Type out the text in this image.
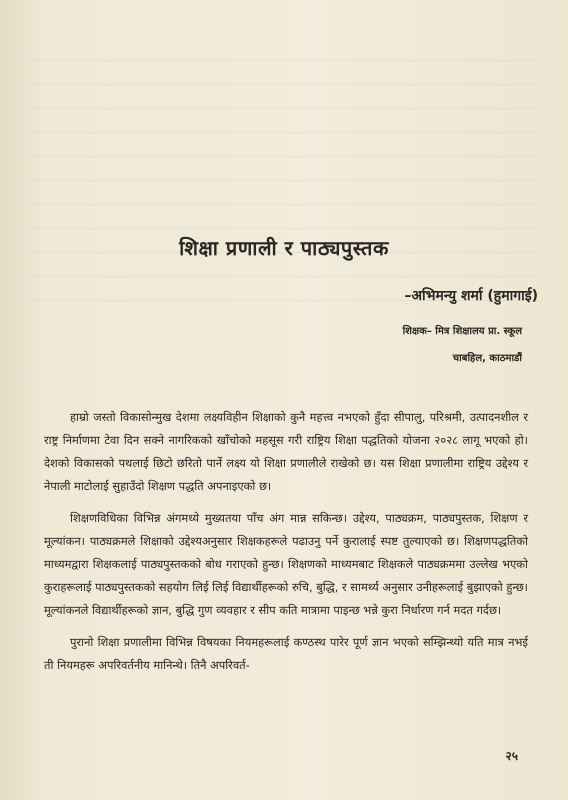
शिक्षा प्रणाली र पाठ्यपुस्तक
–अभिमन्यु शर्मा (हुमागाई)
शिक्षक– मित्र शिक्षालय प्रा. स्कूल
चाबहिल, काठमाडौं

हाम्रो जस्तो विकासोन्मुख देशमा लक्ष्यविहीन शिक्षाको कुनै महत्त्व नभएको हुँदा सीपालु, परिश्रमी, उत्पादनशील र राष्ट्र निर्माणमा टेवा दिन सक्ने नागरिकको खाँचोको महसूस गरी राष्ट्रिय शिक्षा पद्धतिको योजना २०२८ लागू भएको हो। देशको विकासको पथलाई छिटो छरितो पार्ने लक्ष्य यो शिक्षा प्रणालीले राखेको छ। यस शिक्षा प्रणालीमा राष्ट्रिय उद्देश्य र नेपाली माटोलाई सुहाउँदो शिक्षण पद्धति अपनाइएको छ।

शिक्षणविधिका विभिन्न अंगमध्ये मुख्यतया पाँच अंग मान्न सकिन्छ। उद्देश्य, पाठ्यक्रम, पाठ्यपुस्तक, शिक्षण र मूल्यांकन। पाठ्यक्रमले शिक्षाको उद्देश्यअनुसार शिक्षकहरूले पढाउनु पर्ने कुरालाई स्पष्ट तुल्याएको छ। शिक्षणपद्धतिको माध्यमद्वारा शिक्षकलाई पाठ्यपुस्तकको बोध गराएको हुन्छ। शिक्षणको माध्यमबाट शिक्षकले पाठ्यक्रममा उल्लेख भएको कुराहरूलाई पाठ्यपुस्तकको सहयोग लिई लिई विद्यार्थीहरूको रुचि, बुद्धि, र सामर्थ्य अनुसार उनीहरूलाई बुझाएको हुन्छ। मूल्यांकनले विद्यार्थीहरूको ज्ञान, बुद्धि गुण व्यवहार र सीप कति मात्रामा पाइन्छ भन्ने कुरा निर्धारण गर्न मदत गर्दछ।

पुरानो शिक्षा प्रणालीमा विभिन्न विषयका नियमहरूलाई कण्ठस्थ पारेर पूर्ण ज्ञान भएको सम्झिन्थ्यो यति मात्र नभई ती नियमहरू अपरिवर्तनीय मानिन्थे। तिनै अपरिवर्त-

२५
